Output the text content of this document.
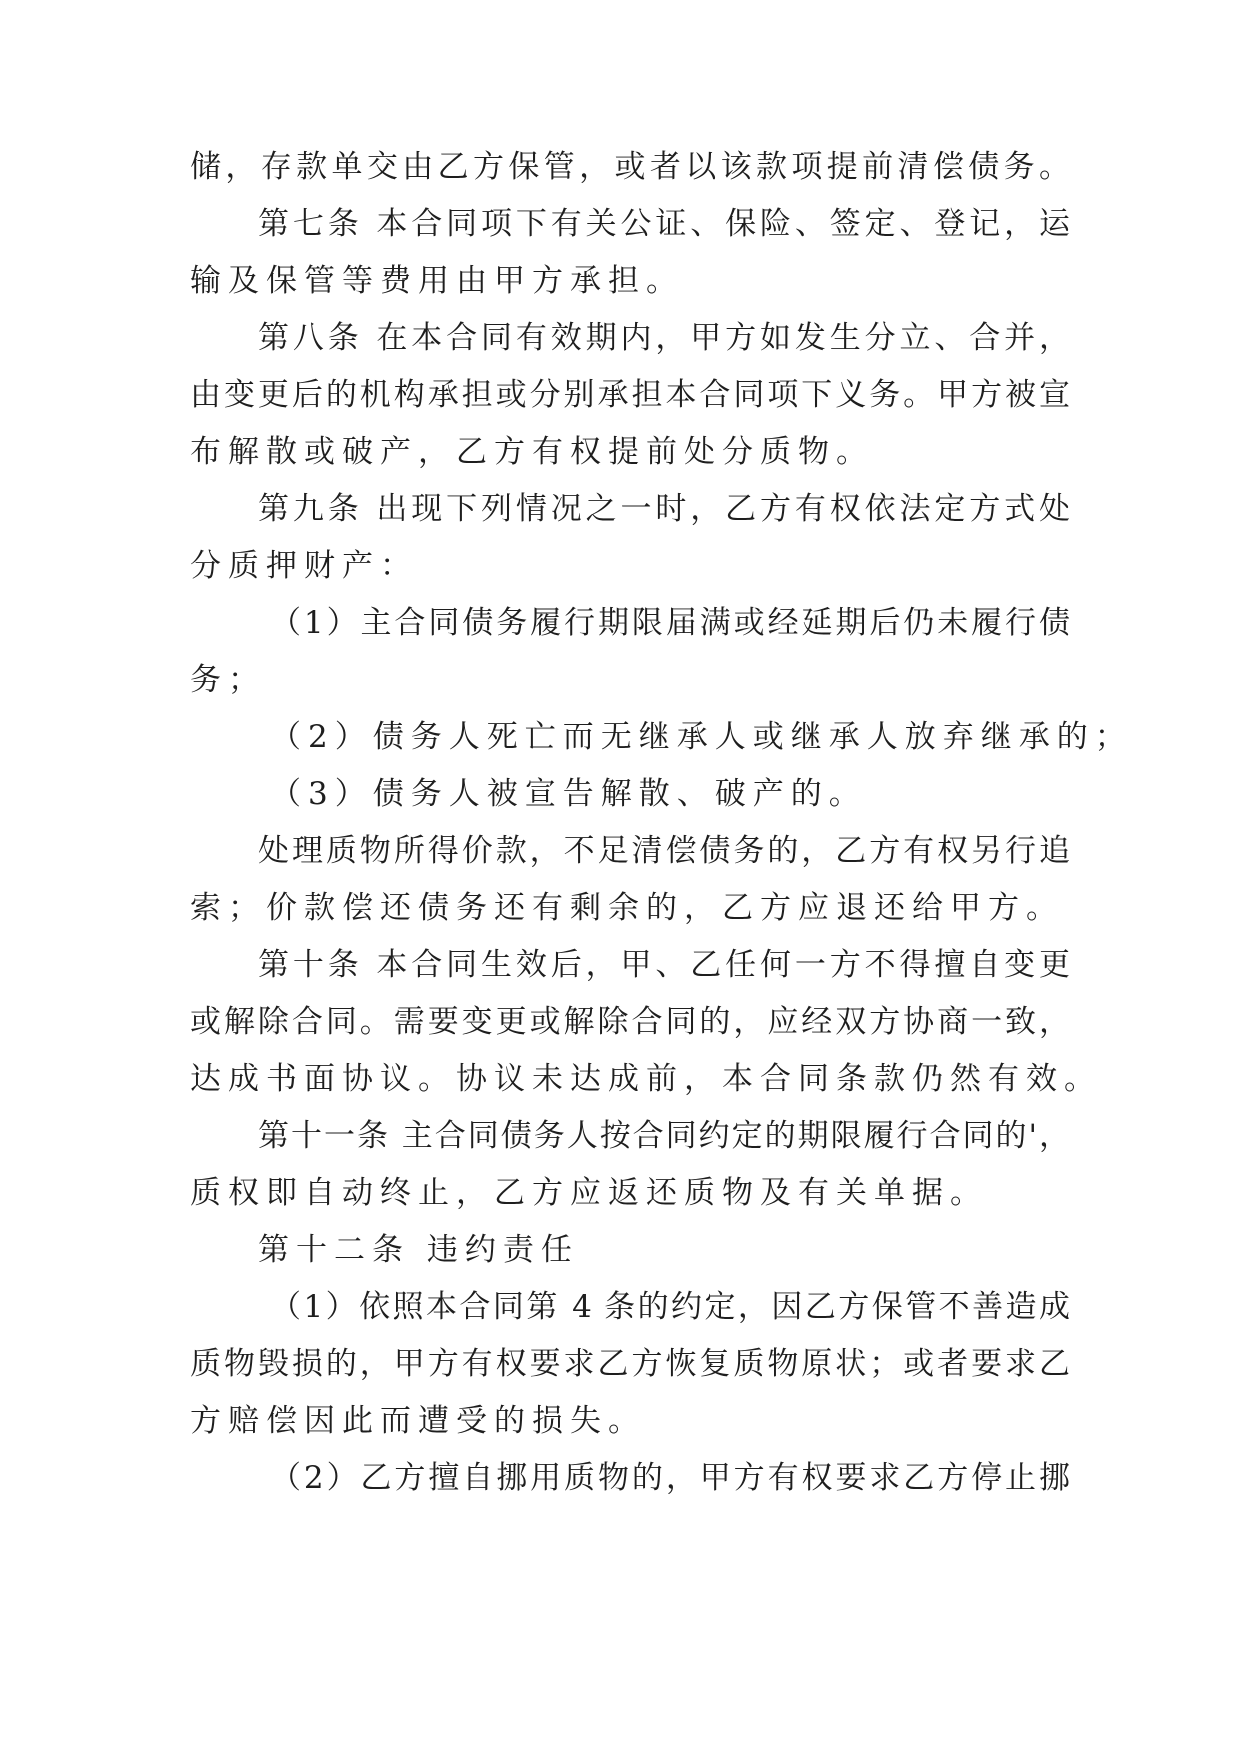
储，存款单交由乙方保管，或者以该款项提前清偿债务。
第七条 本合同项下有关公证、保险、签定、登记，运
输及保管等费用由甲方承担。
第八条 在本合同有效期内，甲方如发生分立、合并，
由变更后的机构承担或分别承担本合同项下义务。甲方被宣
布解散或破产，乙方有权提前处分质物。
第九条 出现下列情况之一时，乙方有权依法定方式处
分质押财产：
（1）主合同债务履行期限届满或经延期后仍未履行债
务；
（2）债务人死亡而无继承人或继承人放弃继承的；
（3）债务人被宣告解散、破产的。
处理质物所得价款，不足清偿债务的，乙方有权另行追
索；价款偿还债务还有剩余的，乙方应退还给甲方。
第十条 本合同生效后，甲、乙任何一方不得擅自变更
或解除合同。需要变更或解除合同的，应经双方协商一致，
达成书面协议。协议未达成前，本合同条款仍然有效。
第十一条 主合同债务人按合同约定的期限履行合同的'，
质权即自动终止，乙方应返还质物及有关单据。
第十二条 违约责任
（1）依照本合同第 4 条的约定，因乙方保管不善造成
质物毁损的，甲方有权要求乙方恢复质物原状；或者要求乙
方赔偿因此而遭受的损失。
（2）乙方擅自挪用质物的，甲方有权要求乙方停止挪
